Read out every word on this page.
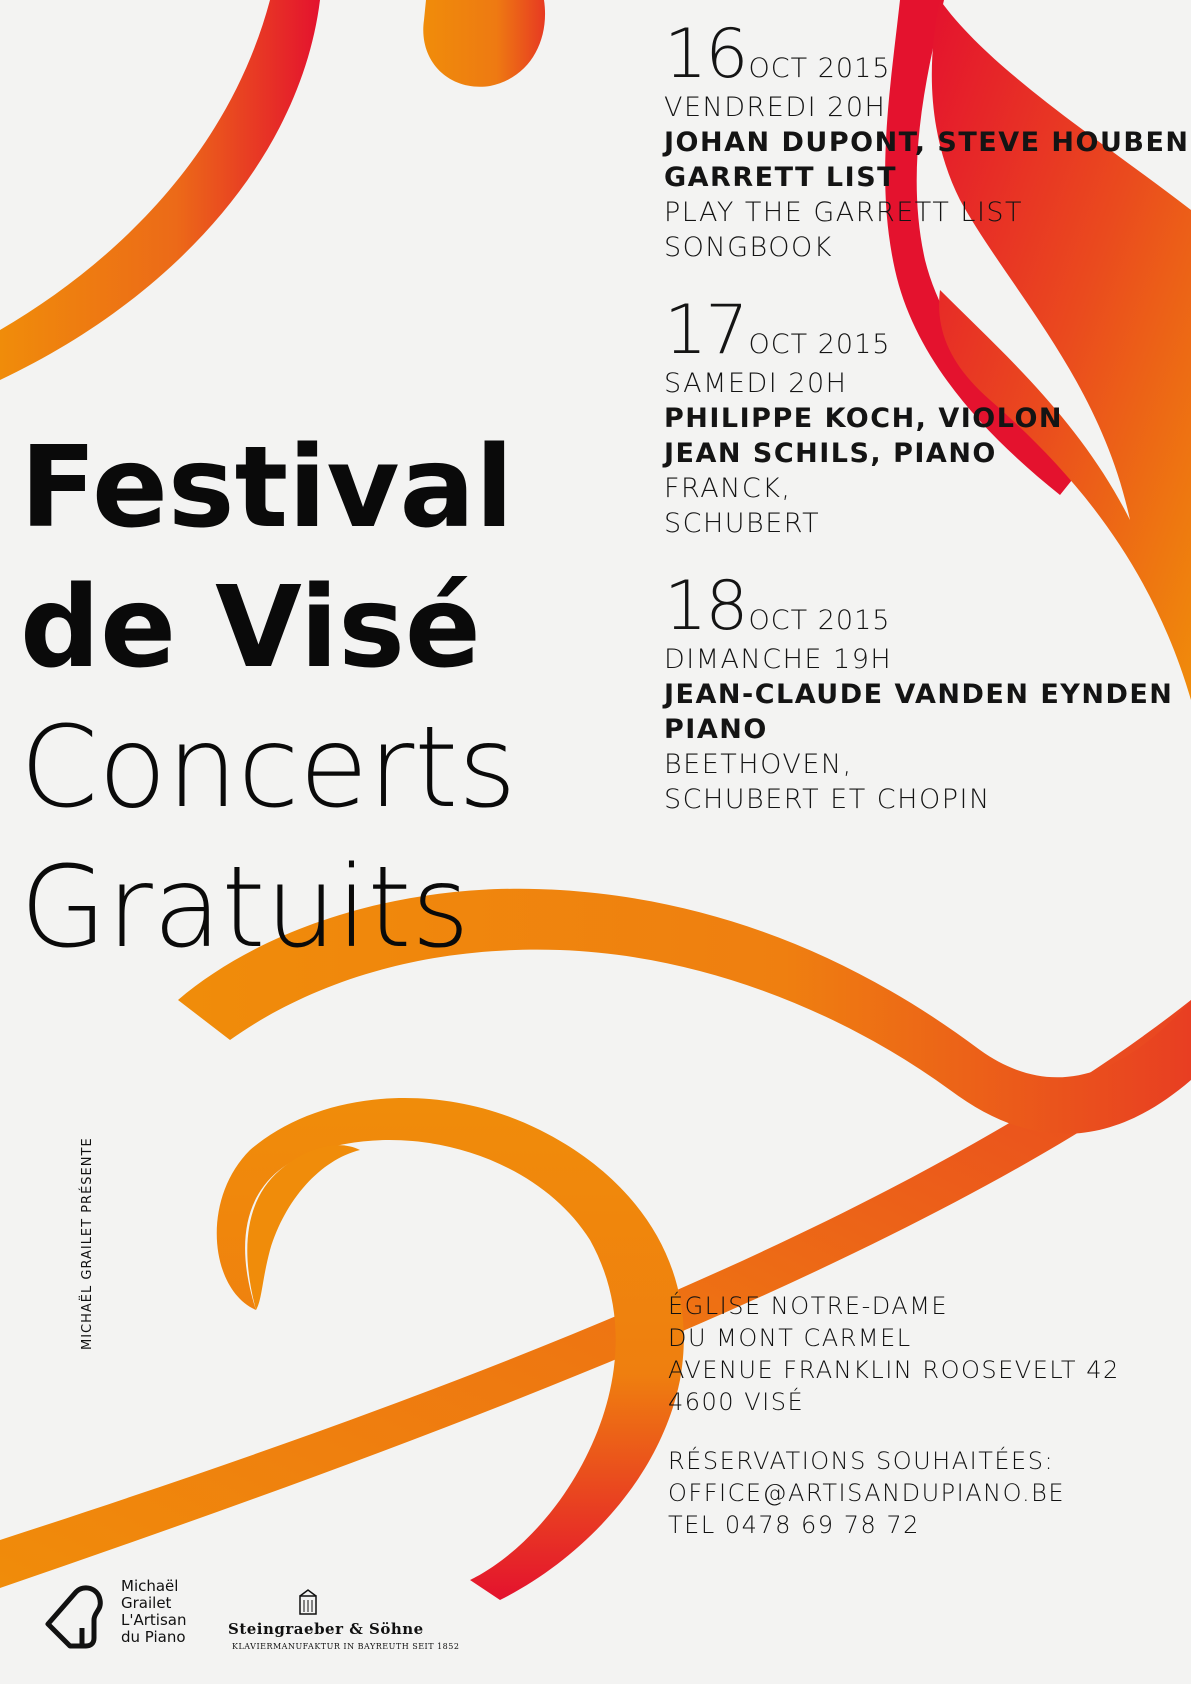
Festival
de Visé
Concerts
Gratuits
16OCT 2015
VENDREDI 20H
JOHAN DUPONT, STEVE HOUBEN
GARRETT LIST
PLAY THE GARRETT LIST
SONGBOOK
17OCT 2015
SAMEDI 20H
PHILIPPE KOCH, VIOLON
JEAN SCHILS, PIANO
FRANCK,
SCHUBERT
18OCT 2015
DIMANCHE 19H
JEAN-CLAUDE VANDEN EYNDEN
PIANO
BEETHOVEN,
SCHUBERT ET CHOPIN
MICHAËL GRAILET PRÉSENTE	ÉGLISE NOTRE-DAME
DU MONT CARMEL
AVENUE FRANKLIN ROOSEVELT 42
4600 VISÉ
RÉSERVATIONS SOUHAITÉES:
OFFICE@ARTISANDUPIANO.BE
TEL 0478 69 78 72
Michaël
Grailet
L'Artisan
du Piano	Steingraeber & Söhne
KLAVIERMANUFAKTUR IN BAYREUTH SEIT 1852
